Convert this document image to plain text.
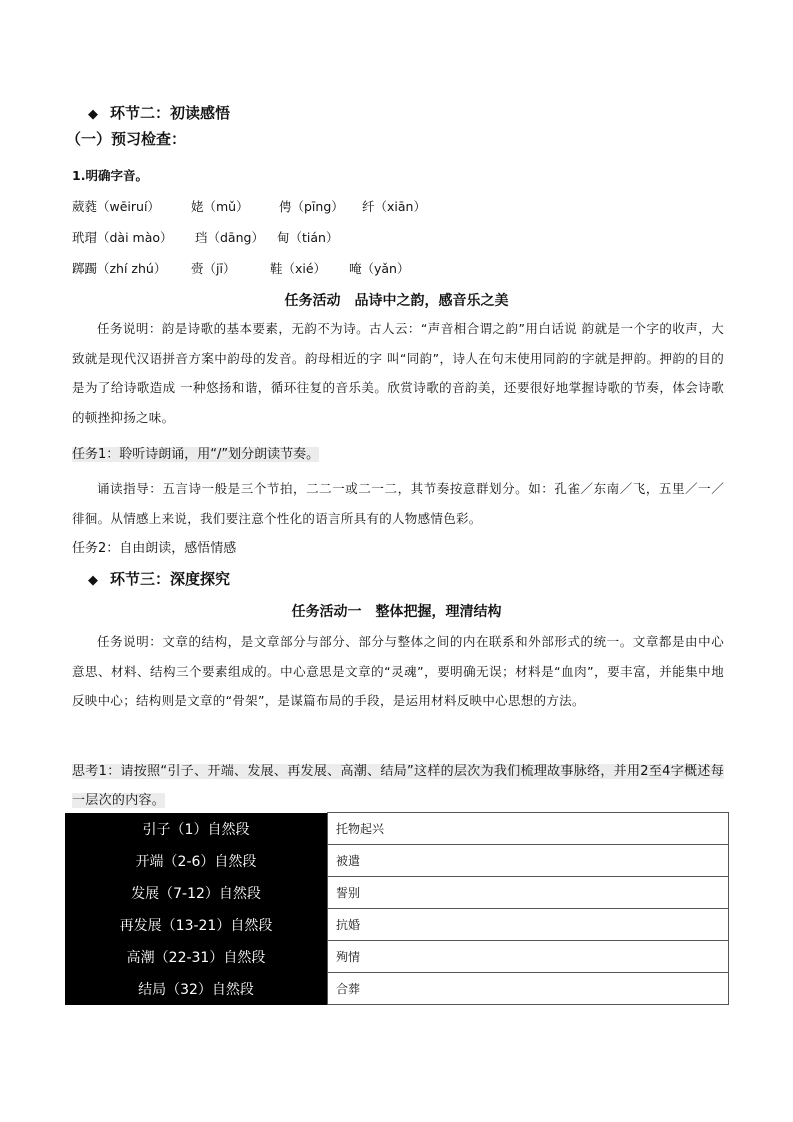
◆ 环节二：初读感悟
（一）预习检查：
1.明确字音。
葳蕤（wēiruí） 姥（mǔ） 俜（pīng） 纤（xiān）
玳瑁（dài mào） 珰（dāng） 甸（tián）
踯躅（zhí zhú） 赍（jī）	鞋（xié） 唵（yǎn）
任务活动　品诗中之韵，感音乐之美
任务说明：韵是诗歌的基本要素，无韵不为诗。古人云：“声音相合谓之韵”用白话说 韵就是一个字的收声，大致就是现代汉语拼音方案中韵母的发音。韵母相近的字 叫“同韵”，诗人在句末使用同韵的字就是押韵。押韵的目的是为了给诗歌造成 一种悠扬和谐，循环往复的音乐美。欣赏诗歌的音韵美，还要很好地掌握诗歌的节奏，体会诗歌的顿挫抑扬之味。
任务1：聆听诗朗诵，用“/”划分朗读节奏。
诵读指导：五言诗一般是三个节拍，二二一或二一二，其节奏按意群划分。如：孔雀／东南／飞，五里／一／徘徊。从情感上来说，我们要注意个性化的语言所具有的人物感情色彩。
任务2：自由朗读，感悟情感
◆ 环节三：深度探究
任务活动一　整体把握，理清结构
任务说明：文章的结构，是文章部分与部分、部分与整体之间的内在联系和外部形式的统一。文章都是由中心意思、材料、结构三个要素组成的。中心意思是文章的“灵魂”，要明确无误；材料是“血肉”，要丰富，并能集中地反映中心；结构则是文章的“骨架”，是谋篇布局的手段，是运用材料反映中心思想的方法。
思考1：请按照“引子、开端、发展、再发展、高潮、结局”这样的层次为我们梳理故事脉络，并用2至4字概述每一层次的内容。
引子（1）自然段	托物起兴
开端（2-6）自然段	被遣
发展（7-12）自然段	誓别
再发展（13-21）自然段	抗婚
高潮（22-31）自然段	殉情
结局（32）自然段	合葬
